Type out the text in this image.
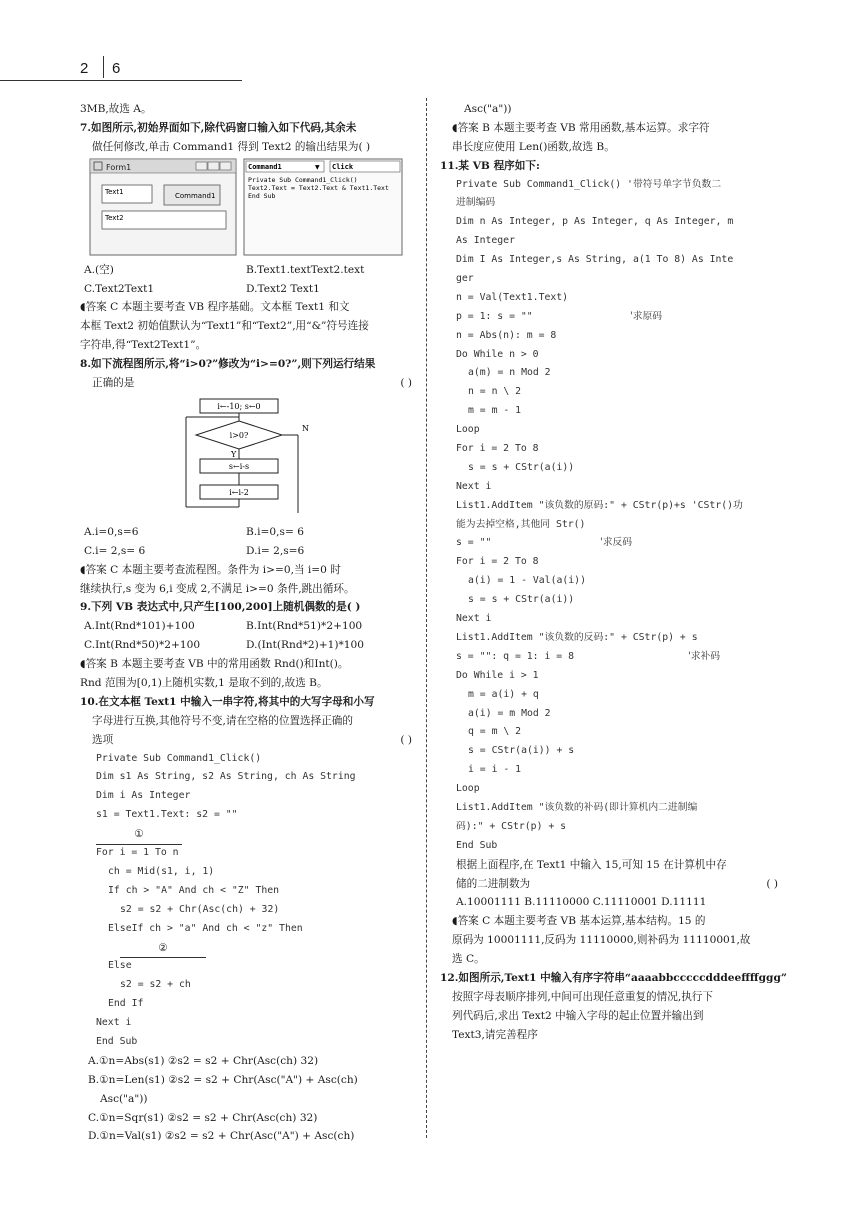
2 6
3MB,故选 A。
7.如图所示,初始界面如下,除代码窗口输入如下代码,其余未
做任何修改,单击 Command1 得到 Text2 的输出结果为( )
Form1
Text1	Command1
Text2
Command1	▼ Click
Private Sub Command1_Click()
Text2.Text = Text2.Text & Text1.Text
End Sub
A.(空)	B.Text1.textText2.text
C.Text2Text1	D.Text2 Text1
◖答案 C 本题主要考查 VB 程序基础。文本框 Text1 和文
本框 Text2 初始值默认为“Text1”和“Text2”,用“&”符号连接
字符串,得“Text2Text1”。
8.如下流程图所示,将“i>0?”修改为“i>=0?”,则下列运行结果
正确的是	( )
i←-10; s←0
i>0?
N
Y
s←i-s
i←i-2
A.i=0,s=6	B.i=0,s= 6
C.i= 2,s= 6	D.i= 2,s=6
◖答案 C 本题主要考查流程图。条件为 i>=0,当 i=0 时
继续执行,s 变为 6,i 变成 2,不满足 i>=0 条件,跳出循环。
9.下列 VB 表达式中,只产生[100,200]上随机偶数的是( )
A.Int(Rnd*101)+100	B.Int(Rnd*51)*2+100
C.Int(Rnd*50)*2+100	D.(Int(Rnd*2)+1)*100
◖答案 B 本题主要考查 VB 中的常用函数 Rnd()和Int()。
Rnd 范围为[0,1)上随机实数,1 是取不到的,故选 B。
10.在文本框 Text1 中输入一串字符,将其中的大写字母和小写
字母进行互换,其他符号不变,请在空格的位置选择正确的
选项	( )
Private Sub Command1_Click()
Dim s1 As String, s2 As String, ch As String
Dim i As Integer
s1 = Text1.Text: s2 = ""
①
For i = 1 To n
ch = Mid(s1, i, 1)
If ch > "A" And ch < "Z" Then
s2 = s2 + Chr(Asc(ch) + 32)
ElseIf ch > "a" And ch < "z" Then
②
Else
s2 = s2 + ch
End If
Next i
End Sub
A.①n=Abs(s1) ②s2 = s2 + Chr(Asc(ch) 32)
B.①n=Len(s1) ②s2 = s2 + Chr(Asc("A") + Asc(ch)
Asc("a"))
C.①n=Sqr(s1) ②s2 = s2 + Chr(Asc(ch) 32)
D.①n=Val(s1) ②s2 = s2 + Chr(Asc("A") + Asc(ch)
Asc("a"))
◖答案 B 本题主要考查 VB 常用函数,基本运算。求字符
串长度应使用 Len()函数,故选 B。
11.某 VB 程序如下:
Private Sub Command1_Click() '带符号单字节负数二
进制编码
Dim n As Integer, p As Integer, q As Integer, m
As Integer
Dim I As Integer,s As String, a(1 To 8) As Inte
ger
n = Val(Text1.Text)
p = 1: s = ""	'求原码
n = Abs(n): m = 8
Do While n > 0
a(m) = n Mod 2
n = n \ 2
m = m - 1
Loop
For i = 2 To 8
s = s + CStr(a(i))
Next i
List1.AddItem "该负数的原码:" + CStr(p)+s 'CStr()功
能为去掉空格,其他同 Str()
s = ""	'求反码
For i = 2 To 8
a(i) = 1 - Val(a(i))
s = s + CStr(a(i))
Next i
List1.AddItem "该负数的反码:" + CStr(p) + s
s = "": q = 1: i = 8	'求补码
Do While i > 1
m = a(i) + q
a(i) = m Mod 2
q = m \ 2
s = CStr(a(i)) + s
i = i - 1
Loop
List1.AddItem "该负数的补码(即计算机内二进制编
码):" + CStr(p) + s
End Sub
根据上面程序,在 Text1 中输入 15,可知 15 在计算机中存
储的二进制数为	( )
A.10001111 B.11110000 C.11110001 D.11111
◖答案 C 本题主要考查 VB 基本运算,基本结构。15 的
原码为 10001111,反码为 11110000,则补码为 11110001,故
选 C。
12.如图所示,Text1 中输入有序字符串“aaaabbcccccdddeeffffggg”
按照字母表顺序排列,中间可出现任意重复的情况,执行下
列代码后,求出 Text2 中输入字母的起止位置并输出到
Text3,请完善程序
